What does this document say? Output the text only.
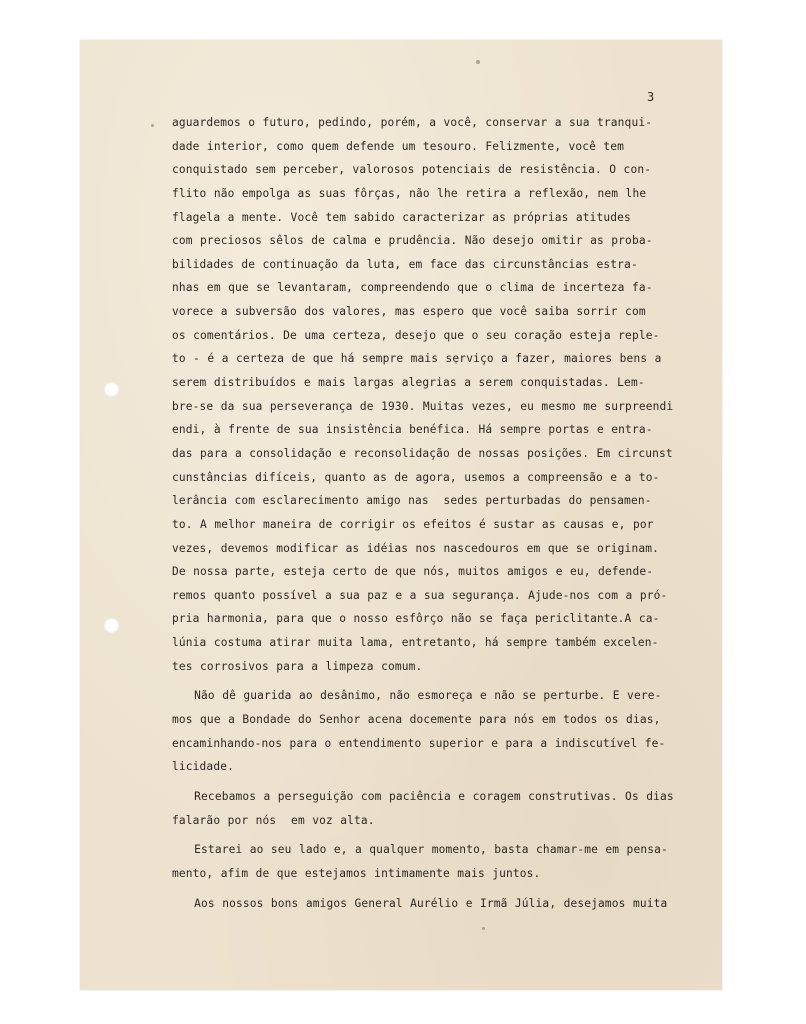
3
aguardemos o futuro, pedindo, porém, a você, conservar a sua tranqui-
dade interior, como quem defende um tesouro. Felizmente, você tem
conquistado sem perceber, valorosos potenciais de resistência. O con-
flito não empolga as suas fôrças, não lhe retira a reflexão, nem lhe
flagela a mente. Você tem sabido caracterizar as próprias atitudes
com preciosos sêlos de calma e prudência. Não desejo omitir as proba-
bilidades de continuação da luta, em face das circunstâncias estra-
nhas em que se levantaram, compreendendo que o clima de incerteza fa-
vorece a subversão dos valores, mas espero que você saiba sorrir com
os comentários. De uma certeza, desejo que o seu coração esteja reple-
to - é a certeza de que há sempre mais serviço a fazer, maiores bens a
serem distribuídos e mais largas alegrias a serem conquistadas. Lem-
bre-se da sua perseverança de 1930. Muitas vezes, eu mesmo me surpreendi
endi, à frente de sua insistência benéfica. Há sempre portas e entra-
das para a consolidação e reconsolidação de nossas posições. Em circunst
cunstâncias difíceis, quanto as de agora, usemos a compreensão e a to-
lerância com esclarecimento amigo nas  sedes perturbadas do pensamen-
to. A melhor maneira de corrigir os efeitos é sustar as causas e, por
vezes, devemos modificar as idéias nos nascedouros em que se originam.
De nossa parte, esteja certo de que nós, muitos amigos e eu, defende-
remos quanto possível a sua paz e a sua segurança. Ajude-nos com a pró-
pria harmonia, para que o nosso esfôrço não se faça periclitante.A ca-
lúnia costuma atirar muita lama, entretanto, há sempre também excelen-
tes corrosivos para a limpeza comum.
Não dê guarida ao desânimo, não esmoreça e não se perturbe. E vere-
mos que a Bondade do Senhor acena docemente para nós em todos os dias,
encaminhando-nos para o entendimento superior e para a indiscutível fe-
licidade.
Recebamos a perseguição com paciência e coragem construtivas. Os dias
falarão por nós  em voz alta.
Estarei ao seu lado e, a qualquer momento, basta chamar-me em pensa-
mento, afim de que estejamos intimamente mais juntos.
Aos nossos bons amigos General Aurélio e Irmã Júlia, desejamos muita
